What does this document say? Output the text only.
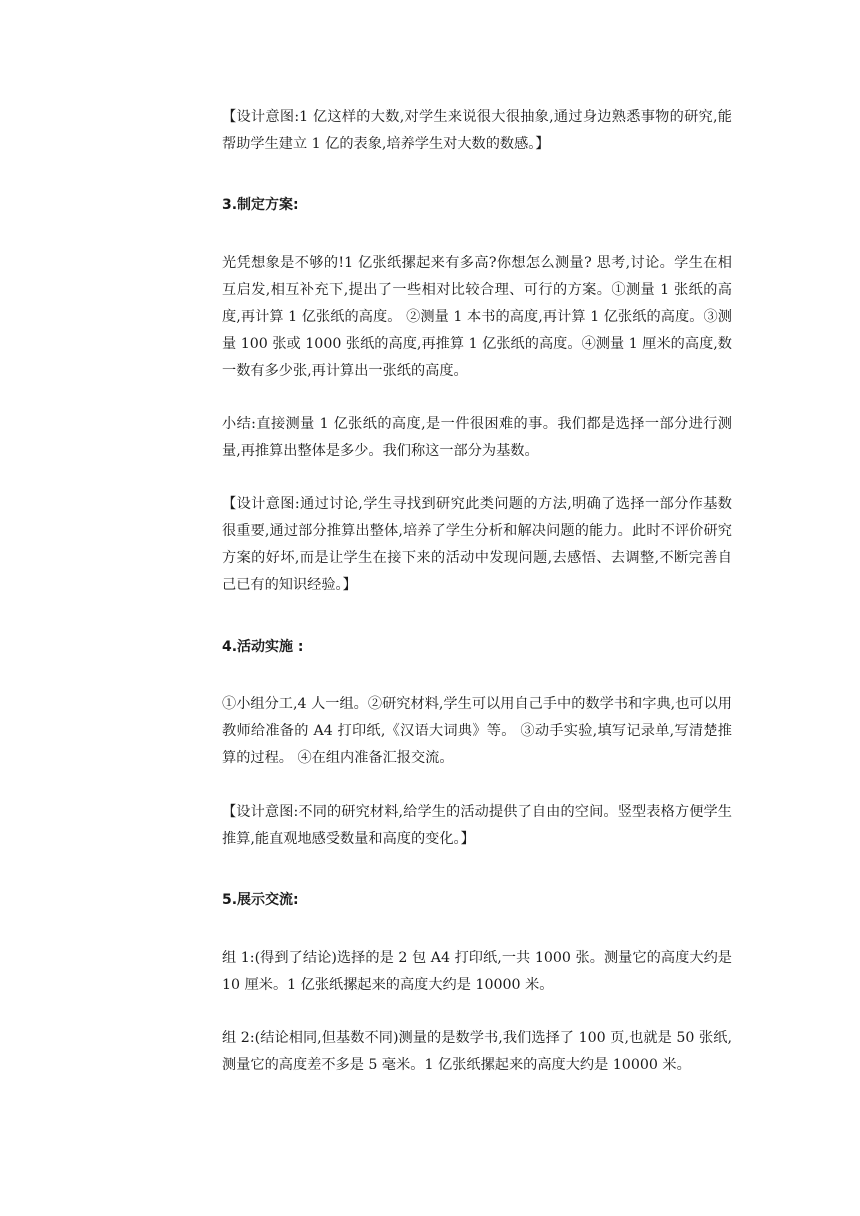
【设计意图:1 亿这样的大数,对学生来说很大很抽象,通过身边熟悉事物的研究,能帮助学生建立 1 亿的表象,培养学生对大数的数感。】

3.制定方案:

光凭想象是不够的!1 亿张纸摞起来有多高?你想怎么测量? 思考,讨论。学生在相互启发,相互补充下,提出了一些相对比较合理、可行的方案。①测量 1 张纸的高度,再计算 1 亿张纸的高度。 ②测量 1 本书的高度,再计算 1 亿张纸的高度。③测量 100 张或 1000 张纸的高度,再推算 1 亿张纸的高度。④测量 1 厘米的高度,数一数有多少张,再计算出一张纸的高度。

小结:直接测量 1 亿张纸的高度,是一件很困难的事。我们都是选择一部分进行测量,再推算出整体是多少。我们称这一部分为基数。

【设计意图:通过讨论,学生寻找到研究此类问题的方法,明确了选择一部分作基数很重要,通过部分推算出整体,培养了学生分析和解决问题的能力。此时不评价研究方案的好坏,而是让学生在接下来的活动中发现问题,去感悟、去调整,不断完善自己已有的知识经验。】

4.活动实施 :

①小组分工,4 人一组。②研究材料,学生可以用自己手中的数学书和字典,也可以用教师给准备的 A4 打印纸,《汉语大词典》等。 ③动手实验,填写记录单,写清楚推算的过程。 ④在组内准备汇报交流。

【设计意图:不同的研究材料,给学生的活动提供了自由的空间。竖型表格方便学生推算,能直观地感受数量和高度的变化。】

5.展示交流:

组 1:(得到了结论)选择的是 2 包 A4 打印纸,一共 1000 张。测量它的高度大约是 10 厘米。1 亿张纸摞起来的高度大约是 10000 米。

组 2:(结论相同,但基数不同)测量的是数学书,我们选择了 100 页,也就是 50 张纸,测量它的高度差不多是 5 毫米。1 亿张纸摞起来的高度大约是 10000 米。
